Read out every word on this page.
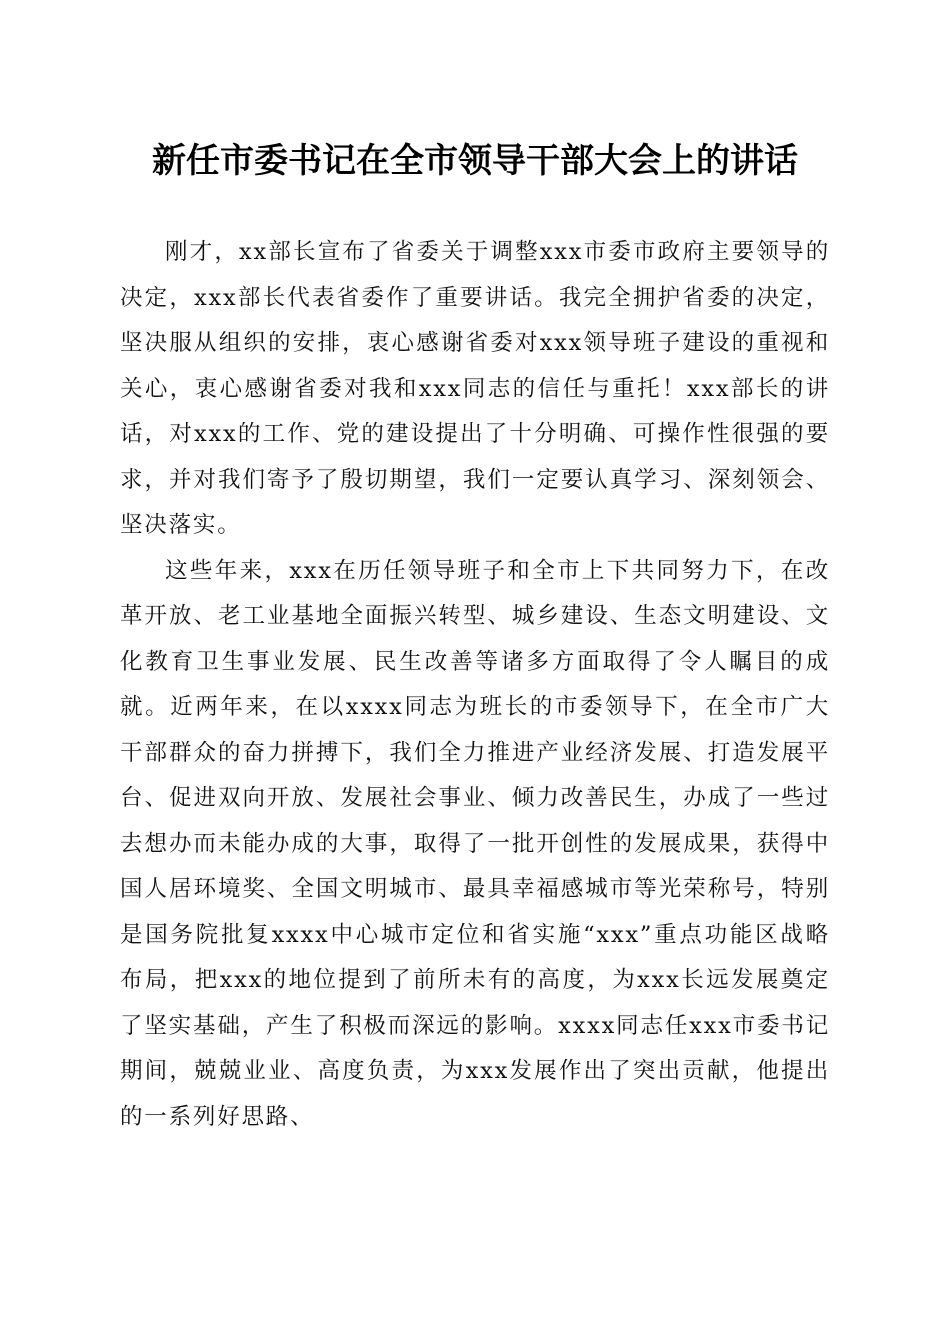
新任市委书记在全市领导干部大会上的讲话

刚才，xx部长宣布了省委关于调整xxx市委市政府主要领导的决定，xxx部长代表省委作了重要讲话。我完全拥护省委的决定，坚决服从组织的安排，衷心感谢省委对xxx领导班子建设的重视和关心，衷心感谢省委对我和xxx同志的信任与重托！xxx部长的讲话，对xxx的工作、党的建设提出了十分明确、可操作性很强的要求，并对我们寄予了殷切期望，我们一定要认真学习、深刻领会、坚决落实。

这些年来，xxx在历任领导班子和全市上下共同努力下，在改革开放、老工业基地全面振兴转型、城乡建设、生态文明建设、文化教育卫生事业发展、民生改善等诸多方面取得了令人瞩目的成就。近两年来，在以xxxx同志为班长的市委领导下，在全市广大干部群众的奋力拼搏下，我们全力推进产业经济发展、打造发展平台、促进双向开放、发展社会事业、倾力改善民生，办成了一些过去想办而未能办成的大事，取得了一批开创性的发展成果，获得中国人居环境奖、全国文明城市、最具幸福感城市等光荣称号，特别是国务院批复xxxx中心城市定位和省实施“xxx”重点功能区战略布局，把xxx的地位提到了前所未有的高度，为xxx长远发展奠定了坚实基础，产生了积极而深远的影响。xxxx同志任xxx市委书记期间，兢兢业业、高度负责，为xxx发展作出了突出贡献，他提出的一系列好思路、
